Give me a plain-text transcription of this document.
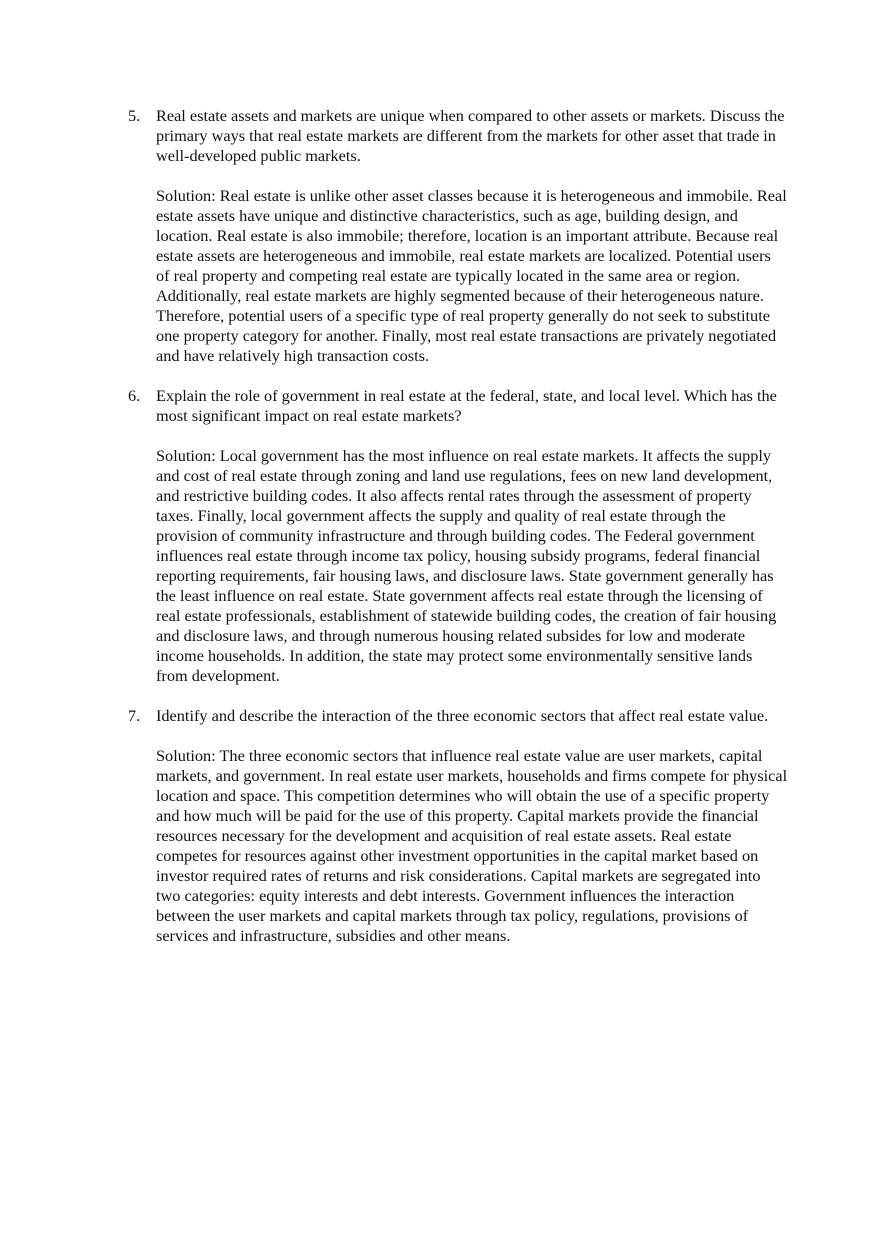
5. Real estate assets and markets are unique when compared to other assets or markets. Discuss the primary ways that real estate markets are different from the markets for other asset that trade in well-developed public markets.

Solution: Real estate is unlike other asset classes because it is heterogeneous and immobile. Real estate assets have unique and distinctive characteristics, such as age, building design, and location. Real estate is also immobile; therefore, location is an important attribute. Because real estate assets are heterogeneous and immobile, real estate markets are localized. Potential users of real property and competing real estate are typically located in the same area or region. Additionally, real estate markets are highly segmented because of their heterogeneous nature. Therefore, potential users of a specific type of real property generally do not seek to substitute one property category for another. Finally, most real estate transactions are privately negotiated and have relatively high transaction costs.

6. Explain the role of government in real estate at the federal, state, and local level. Which has the most significant impact on real estate markets?

Solution: Local government has the most influence on real estate markets. It affects the supply and cost of real estate through zoning and land use regulations, fees on new land development, and restrictive building codes. It also affects rental rates through the assessment of property taxes. Finally, local government affects the supply and quality of real estate through the provision of community infrastructure and through building codes. The Federal government influences real estate through income tax policy, housing subsidy programs, federal financial reporting requirements, fair housing laws, and disclosure laws. State government generally has the least influence on real estate. State government affects real estate through the licensing of real estate professionals, establishment of statewide building codes, the creation of fair housing and disclosure laws, and through numerous housing related subsides for low and moderate income households. In addition, the state may protect some environmentally sensitive lands from development.

7. Identify and describe the interaction of the three economic sectors that affect real estate value.

Solution: The three economic sectors that influence real estate value are user markets, capital markets, and government. In real estate user markets, households and firms compete for physical location and space. This competition determines who will obtain the use of a specific property and how much will be paid for the use of this property. Capital markets provide the financial resources necessary for the development and acquisition of real estate assets. Real estate competes for resources against other investment opportunities in the capital market based on investor required rates of returns and risk considerations. Capital markets are segregated into two categories: equity interests and debt interests. Government influences the interaction between the user markets and capital markets through tax policy, regulations, provisions of services and infrastructure, subsidies and other means.
